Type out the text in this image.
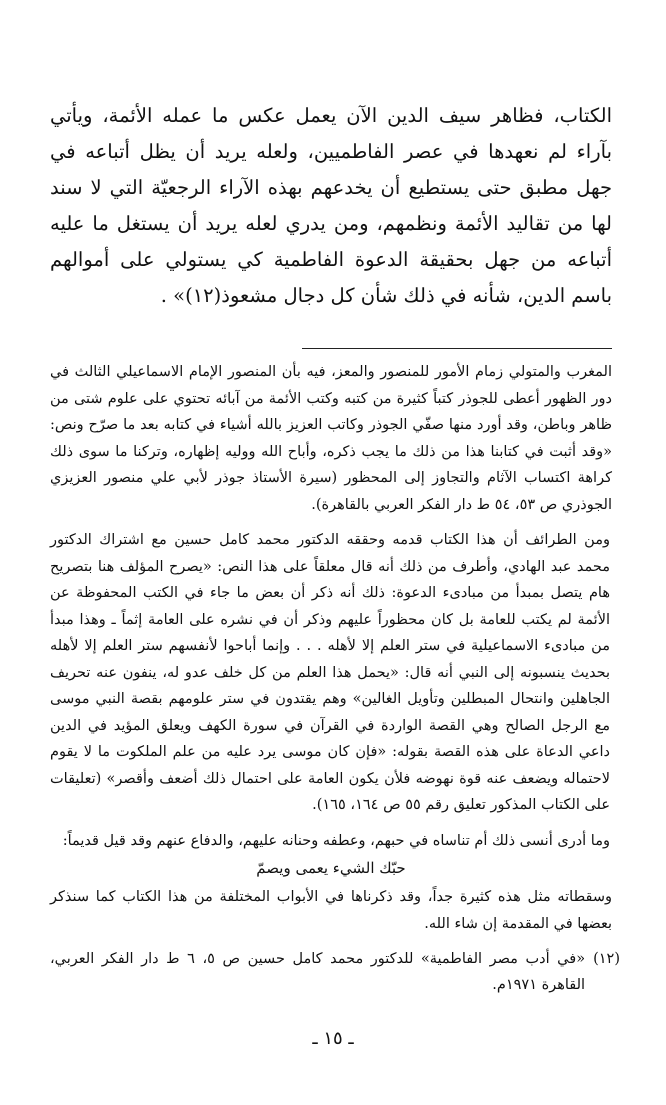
الكتاب، فظاهر سيف الدين الآن يعمل عكس ما عمله الأئمة، ويأتي بآراء لم نعهدها في عصر الفاطميين، ولعله يريد أن يظل أتباعه في جهل مطبق حتى يستطيع أن يخدعهم بهذه الآراء الرجعيّة التي لا سند لها من تقاليد الأئمة ونظمهم، ومن يدري لعله يريد أن يستغل ما عليه أتباعه من جهل بحقيقة الدعوة الفاطمية كي يستولي على أموالهم باسم الدين، شأنه في ذلك شأن كل دجال مشعوذ(١٢)» .

المغرب والمتولي زمام الأمور للمنصور والمعز، فيه بأن المنصور الإمام الاسماعيلي الثالث في دور الظهور أعطى للجوذر كتباً كثيرة من كتبه وكتب الأئمة من آبائه تحتوي على علوم شتى من ظاهر وباطن، وقد أورد منها صفّي الجوذر وكاتب العزيز بالله أشياء في كتابه بعد ما صرّح ونص: «وقد أثبت في كتابنا هذا من ذلك ما يجب ذكره، وأباح الله ووليه إظهاره، وتركنا ما سوى ذلك كراهة اكتساب الآثام والتجاوز إلى المحظور (سيرة الأستاذ جوذر لأبي علي منصور العزيزي الجوذري ص ٥٣، ٥٤ ط دار الفكر العربي بالقاهرة).

ومن الطرائف أن هذا الكتاب قدمه وحققه الدكتور محمد كامل حسين مع اشتراك الدكتور محمد عبد الهادي، وأطرف من ذلك أنه قال معلقاً على هذا النص: «يصرح المؤلف هنا بتصريح هام يتصل بمبدأ من مبادىء الدعوة: ذلك أنه ذكر أن بعض ما جاء في الكتب المحفوظة عن الأئمة لم يكتب للعامة بل كان محظوراً عليهم وذكر أن في نشره على العامة إثماً ـ وهذا مبدأ من مبادىء الاسماعيلية في ستر العلم إلا لأهله . . . وإنما أباحوا لأنفسهم ستر العلم إلا لأهله بحديث ينسبونه إلى النبي أنه قال: «يحمل هذا العلم من كل خلف عدو له، ينفون عنه تحريف الجاهلين وانتحال المبطلين وتأويل الغالين» وهم يقتدون في ستر علومهم بقصة النبي موسى مع الرجل الصالح وهي القصة الواردة في القرآن في سورة الكهف ويعلق المؤيد في الدين داعي الدعاة على هذه القصة بقوله: «فإن كان موسى يرد عليه من علم الملكوت ما لا يقوم لاحتماله ويضعف عنه قوة نهوضه فلأن يكون العامة على احتمال ذلك أضعف وأقصر» (تعليقات على الكتاب المذكور تعليق رقم ٥٥ ص ١٦٤، ١٦٥).

وما أدرى أنسى ذلك أم تناساه في حبهم، وعطفه وحنانه عليهم، والدفاع عنهم وقد قيل قديماً:

حبّك الشيء يعمى ويصمّ

وسقطاته مثل هذه كثيرة جداً، وقد ذكرناها في الأبواب المختلفة من هذا الكتاب كما سنذكر بعضها في المقدمة إن شاء الله.

(١٢)
«في أدب مصر الفاطمية» للدكتور محمد كامل حسين ص ٥، ٦ ط دار الفكر العربي، القاهرة ١٩٧١م.
ـ ١٥ ـ
